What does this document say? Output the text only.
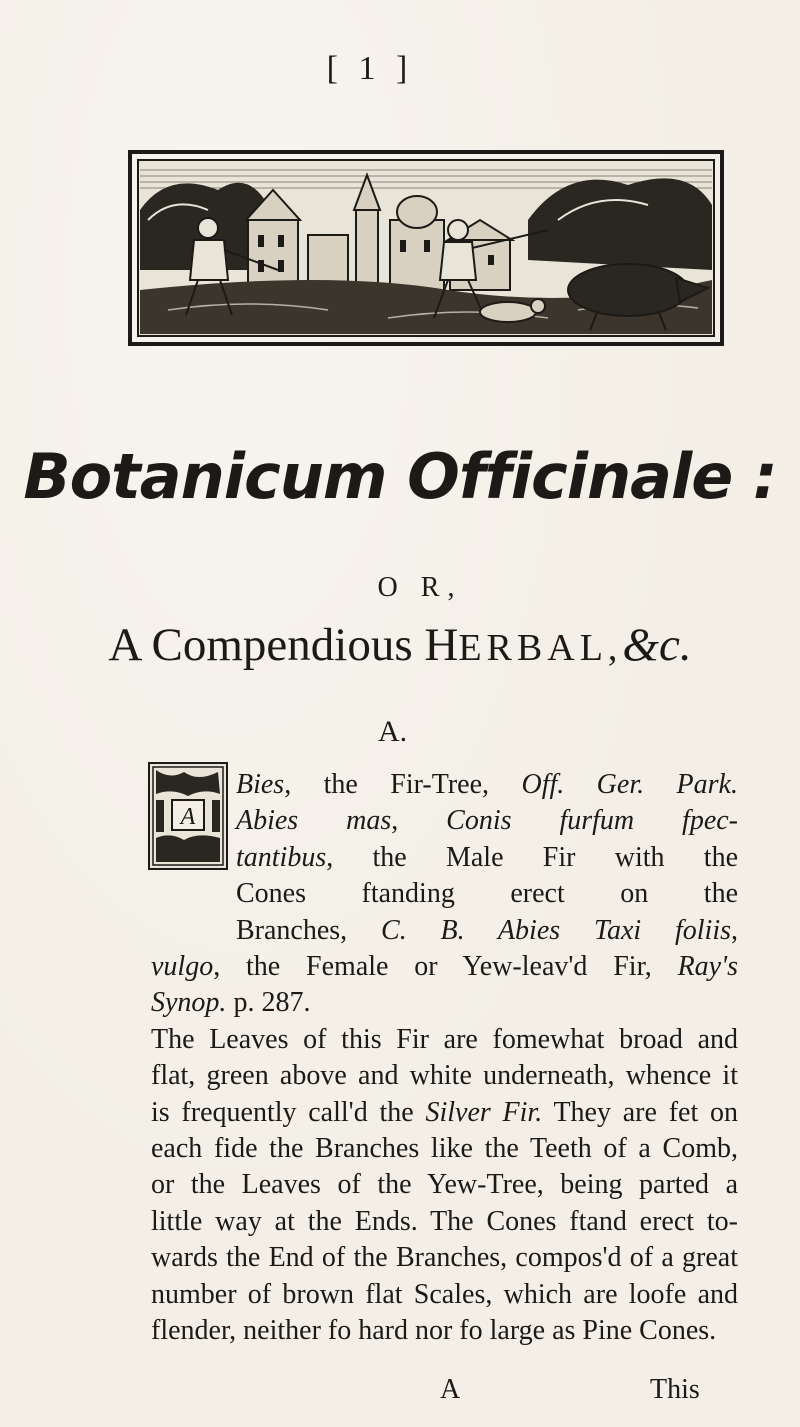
[ 1 ]
Botanicum Officinale :
O R,
A Compendious HERBAL,&c.
A.
A
Bies, the Fir-Tree, Off. Ger. Park.
Abies mas, Conis furfum fpec-
tantibus, the Male Fir with the
Cones ftanding erect on the
Branches, C. B. Abies Taxi foliis,
vulgo, the Female or Yew-leav'd Fir, Ray's
Synop. p. 287.
The Leaves of this Fir are fomewhat broad and
flat, green above and white underneath, whence it
is frequently call'd the Silver Fir. They are fet on
each fide the Branches like the Teeth of a Comb,
or the Leaves of the Yew-Tree, being parted a
little way at the Ends. The Cones ftand erect to-
wards the End of the Branches, compos'd of a great
number of brown flat Scales, which are loofe and
flender, neither fo hard nor fo large as Pine Cones.
A	This
